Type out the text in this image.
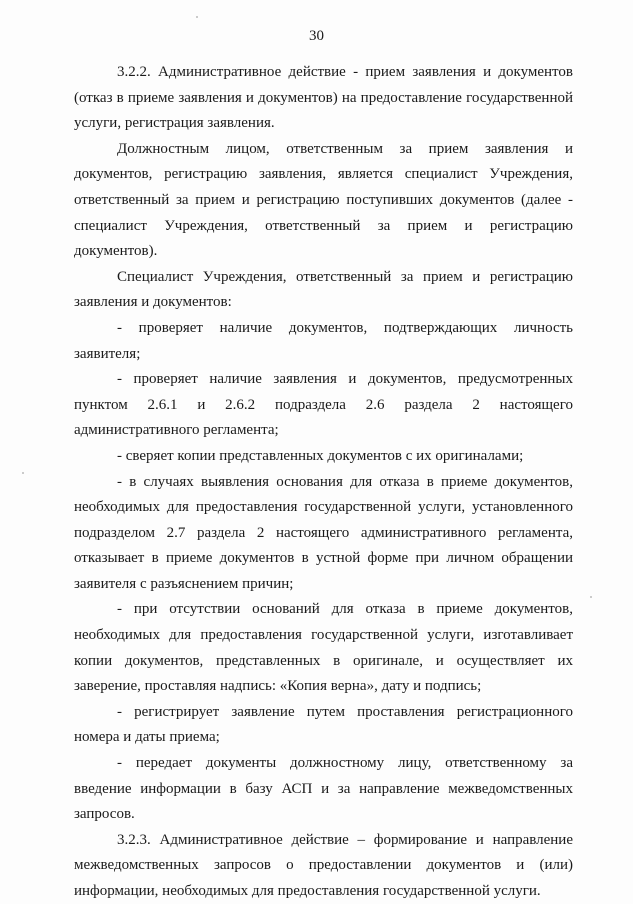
30

3.2.2. Административное действие - прием заявления и документов (отказ в приеме заявления и документов) на предоставление государственной услуги, регистрация заявления.

Должностным лицом, ответственным за прием заявления и документов, регистрацию заявления, является специалист Учреждения, ответственный за прием и регистрацию поступивших документов (далее - специалист Учреждения, ответственный за прием и регистрацию документов).

Специалист Учреждения, ответственный за прием и регистрацию заявления и документов:

- проверяет наличие документов, подтверждающих личность заявителя;

- проверяет наличие заявления и документов, предусмотренных пунктом 2.6.1 и 2.6.2 подраздела 2.6 раздела 2 настоящего административного регламента;

- сверяет копии представленных документов с их оригиналами;

- в случаях выявления основания для отказа в приеме документов, необходимых для предоставления государственной услуги, установленного подразделом 2.7 раздела 2 настоящего административного регламента, отказывает в приеме документов в устной форме при личном обращении заявителя с разъяснением причин;

- при отсутствии оснований для отказа в приеме документов, необходимых для предоставления государственной услуги, изготавливает копии документов, представленных в оригинале, и осуществляет их заверение, проставляя надпись: «Копия верна», дату и подпись;

- регистрирует заявление путем проставления регистрационного номера и даты приема;

- передает документы должностному лицу, ответственному за введение информации в базу АСП и за направление межведомственных запросов.

3.2.3. Административное действие – формирование и направление межведомственных запросов о предоставлении документов и (или) информации, необходимых для предоставления государственной услуги.
